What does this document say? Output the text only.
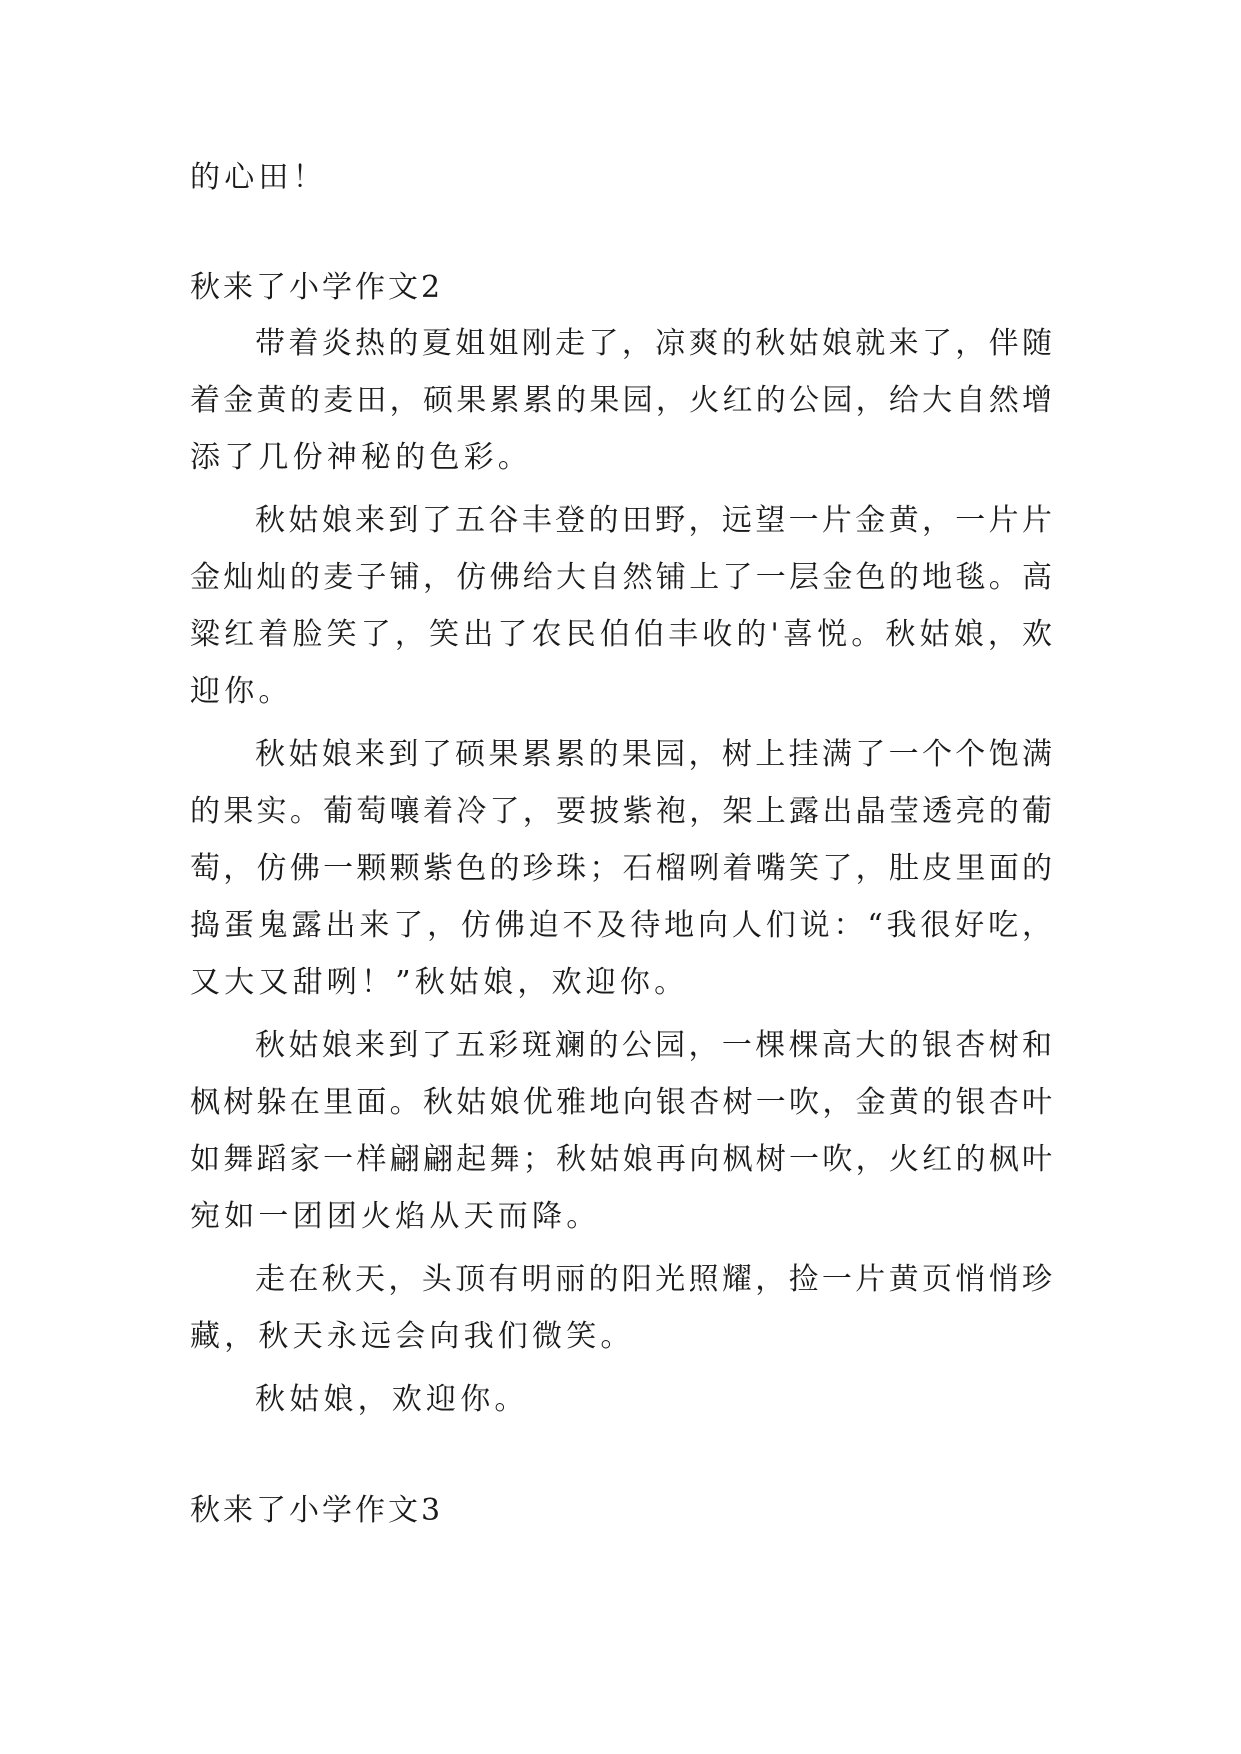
的心田！
秋来了小学作文2
带着炎热的夏姐姐刚走了，凉爽的秋姑娘就来了，伴随
着金黄的麦田，硕果累累的果园，火红的公园，给大自然增
添了几份神秘的色彩。
秋姑娘来到了五谷丰登的田野，远望一片金黄，一片片
金灿灿的麦子铺，仿佛给大自然铺上了一层金色的地毯。高
粱红着脸笑了，笑出了农民伯伯丰收的'喜悦。秋姑娘，欢
迎你。
秋姑娘来到了硕果累累的果园，树上挂满了一个个饱满
的果实。葡萄嚷着冷了，要披紫袍，架上露出晶莹透亮的葡
萄，仿佛一颗颗紫色的珍珠；石榴咧着嘴笑了，肚皮里面的
捣蛋鬼露出来了，仿佛迫不及待地向人们说：“我很好吃，
又大又甜咧！”秋姑娘，欢迎你。
秋姑娘来到了五彩斑斓的公园，一棵棵高大的银杏树和
枫树躲在里面。秋姑娘优雅地向银杏树一吹，金黄的银杏叶
如舞蹈家一样翩翩起舞；秋姑娘再向枫树一吹，火红的枫叶
宛如一团团火焰从天而降。
走在秋天，头顶有明丽的阳光照耀，捡一片黄页悄悄珍
藏，秋天永远会向我们微笑。
秋姑娘，欢迎你。
秋来了小学作文3
